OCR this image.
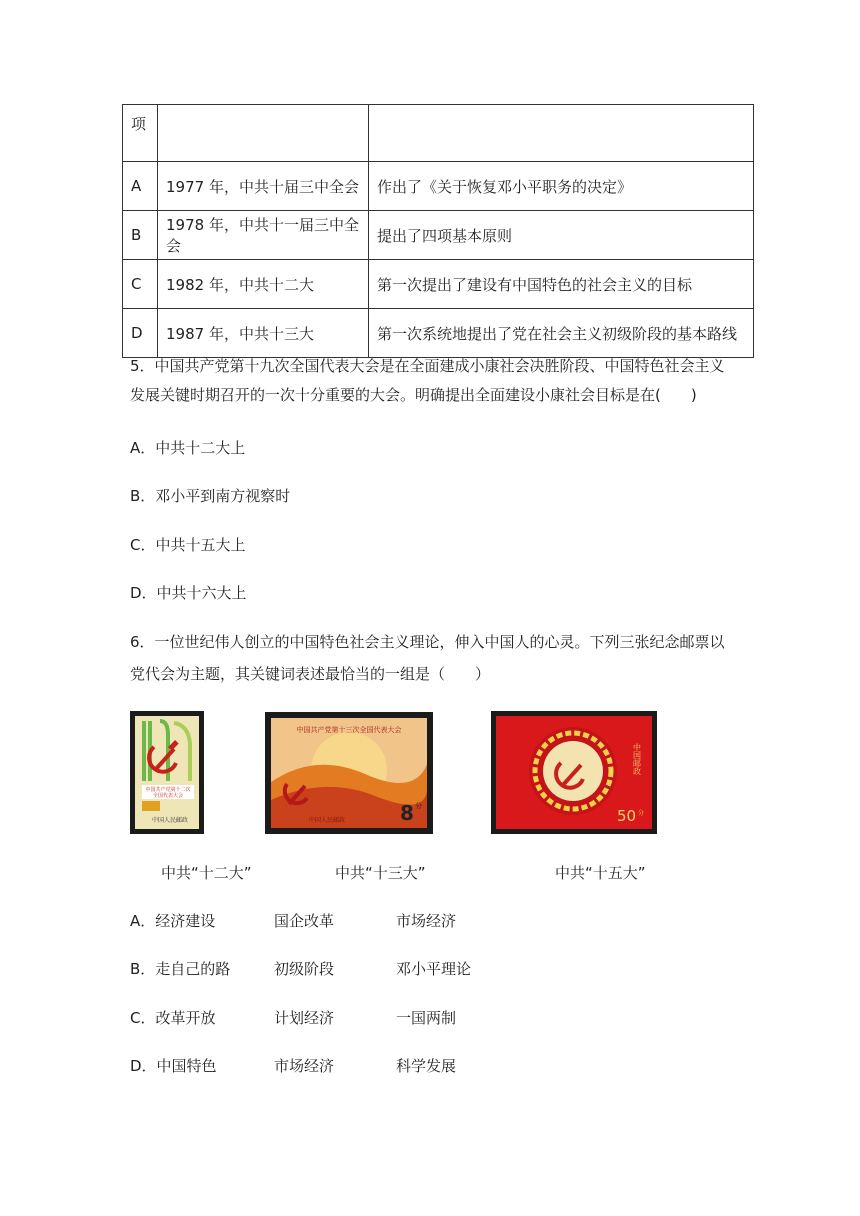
项		
A	1977 年，中共十届三中全会	作出了《关于恢复邓小平职务的决定》
B	1978 年，中共十一届三中全会	提出了四项基本原则
C	1982 年，中共十二大	第一次提出了建设有中国特色的社会主义的目标
D	1987 年，中共十三大	第一次系统地提出了党在社会主义初级阶段的基本路线
5．中国共产党第十九次全国代表大会是在全面建成小康社会决胜阶段、中国特色社会主义
发展关键时期召开的一次十分重要的大会。明确提出全面建设小康社会目标是在(　　)
A．中共十二大上
B．邓小平到南方视察时
C．中共十五大上
D．中共十六大上
6．一位世纪伟人创立的中国特色社会主义理论，伸入中国人的心灵。下列三张纪念邮票以
党代会为主题，其关键词表述最恰当的一组是（　　）
中国共产党第十二次
全国代表大会
中国人民邮政
中国共产党第十三次全国代表大会
8 分
中国人民邮政
中国邮政
50 分
中共“十二大”	中共“十三大”	中共“十五大”
A．经济建设	国企改革	市场经济
B．走自己的路	初级阶段	邓小平理论
C．改革开放	计划经济	一国两制
D．中国特色	市场经济	科学发展
